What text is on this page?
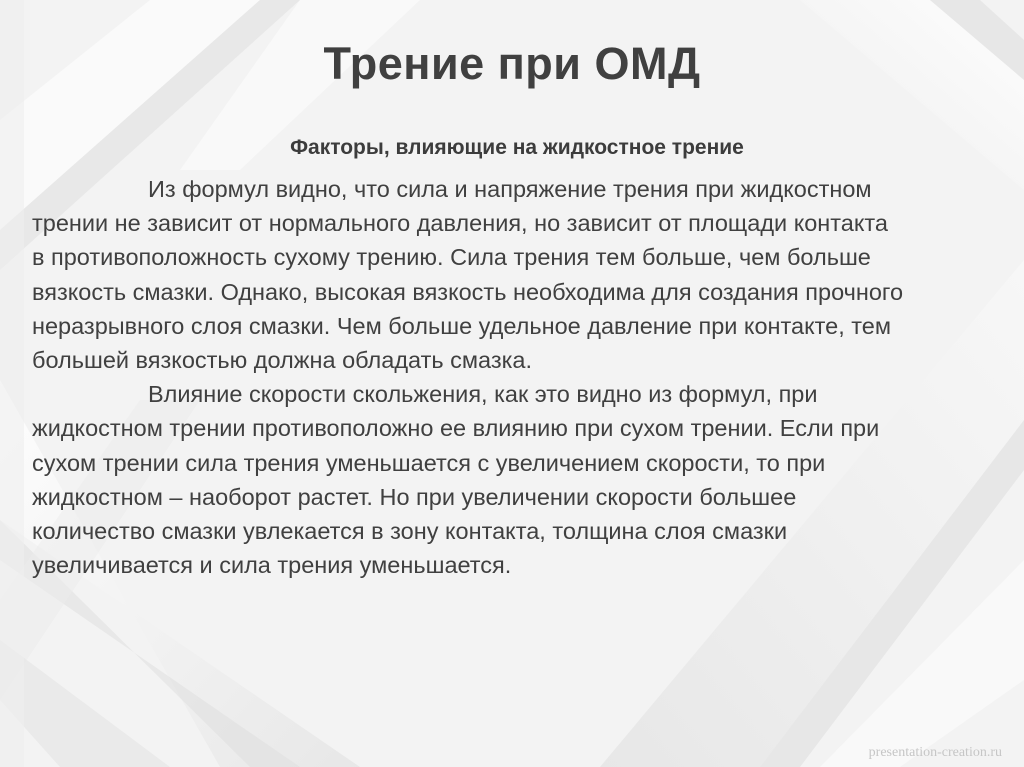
Трение при ОМД
Факторы, влияющие на жидкостное трение

Из формул видно, что сила и напряжение трения при жидкостном
трении не зависит от нормального давления, но зависит от площади контакта
в противоположность сухому трению. Сила трения тем больше, чем больше
вязкость смазки. Однако, высокая вязкость необходима для создания прочного
неразрывного слоя смазки. Чем больше удельное давление при контакте, тем
большей вязкостью должна обладать смазка.

Влияние скорости скольжения, как это видно из формул, при
жидкостном трении противоположно ее влиянию при сухом трении. Если при
сухом трении сила трения уменьшается с увеличением скорости, то при
жидкостном – наоборот растет. Но при увеличении скорости большее
количество смазки увлекается в зону контакта, толщина слоя смазки
увеличивается и сила трения уменьшается.

presentation-creation.ru
